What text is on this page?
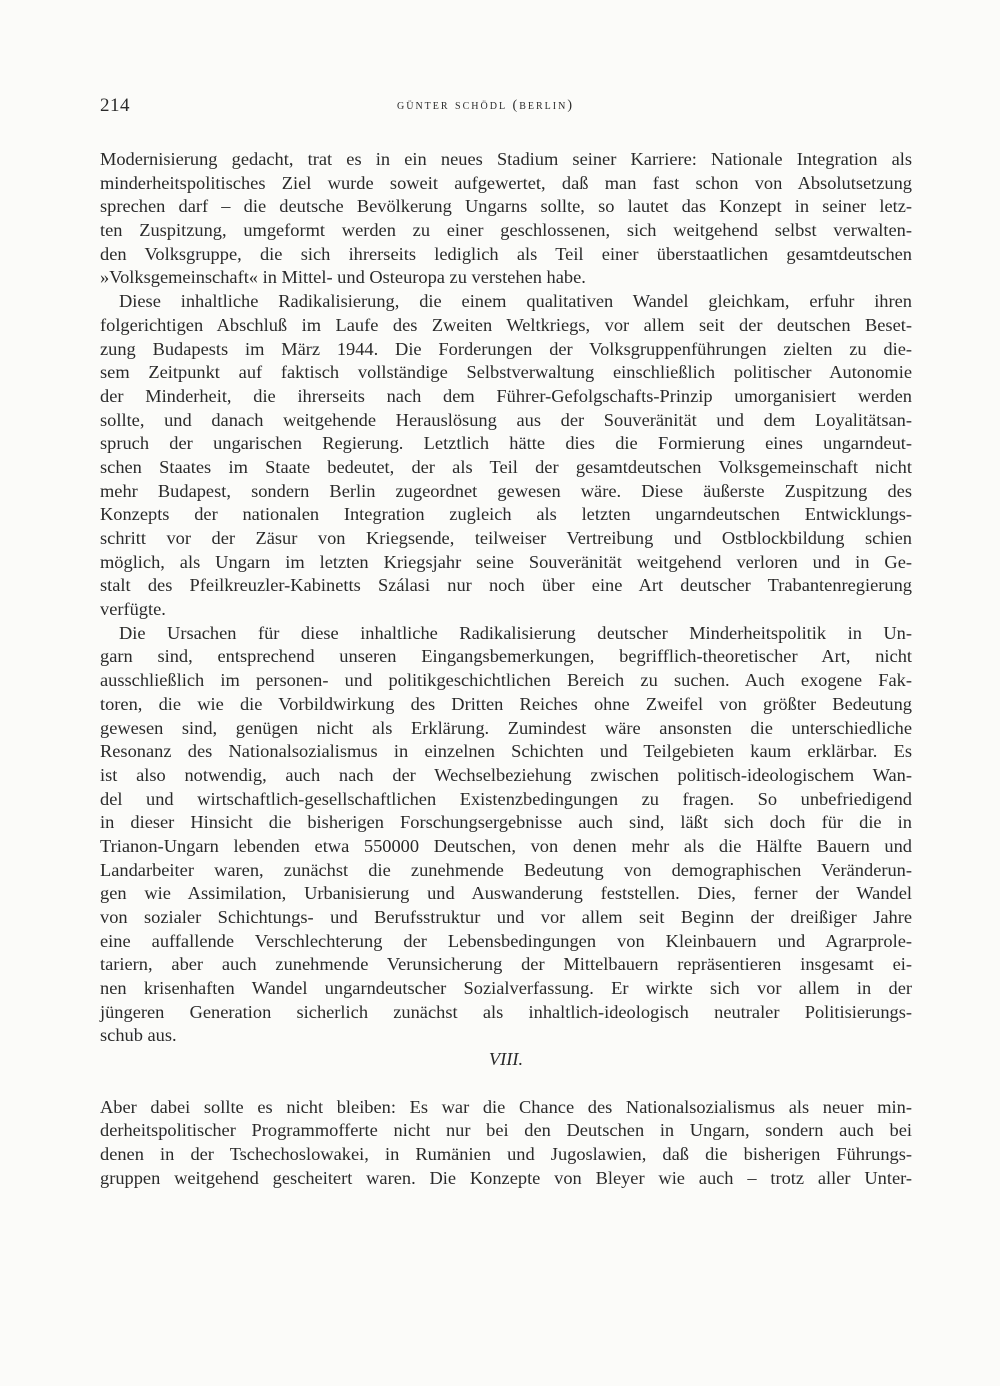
214	günter schödl (berlin)
Modernisierung gedacht, trat es in ein neues Stadium seiner Karriere: Nationale Integration als
minderheitspolitisches Ziel wurde soweit aufgewertet, daß man fast schon von Absolutsetzung
sprechen darf – die deutsche Bevölkerung Ungarns sollte, so lautet das Konzept in seiner letz-
ten Zuspitzung, umgeformt werden zu einer geschlossenen, sich weitgehend selbst verwalten-
den Volksgruppe, die sich ihrerseits lediglich als Teil einer überstaatlichen gesamtdeutschen
»Volksgemeinschaft« in Mittel- und Osteuropa zu verstehen habe.
Diese inhaltliche Radikalisierung, die einem qualitativen Wandel gleichkam, erfuhr ihren
folgerichtigen Abschluß im Laufe des Zweiten Weltkriegs, vor allem seit der deutschen Beset-
zung Budapests im März 1944. Die Forderungen der Volksgruppenführungen zielten zu die-
sem Zeitpunkt auf faktisch vollständige Selbstverwaltung einschließlich politischer Autonomie
der Minderheit, die ihrerseits nach dem Führer-Gefolgschafts-Prinzip umorganisiert werden
sollte, und danach weitgehende Herauslösung aus der Souveränität und dem Loyalitätsan-
spruch der ungarischen Regierung. Letztlich hätte dies die Formierung eines ungarndeut-
schen Staates im Staate bedeutet, der als Teil der gesamtdeutschen Volksgemeinschaft nicht
mehr Budapest, sondern Berlin zugeordnet gewesen wäre. Diese äußerste Zuspitzung des
Konzepts der nationalen Integration zugleich als letzten ungarndeutschen Entwicklungs-
schritt vor der Zäsur von Kriegsende, teilweiser Vertreibung und Ostblockbildung schien
möglich, als Ungarn im letzten Kriegsjahr seine Souveränität weitgehend verloren und in Ge-
stalt des Pfeilkreuzler-Kabinetts Szálasi nur noch über eine Art deutscher Trabantenregierung
verfügte.
Die Ursachen für diese inhaltliche Radikalisierung deutscher Minderheitspolitik in Un-
garn sind, entsprechend unseren Eingangsbemerkungen, begrifflich-theoretischer Art, nicht
ausschließlich im personen- und politikgeschichtlichen Bereich zu suchen. Auch exogene Fak-
toren, die wie die Vorbildwirkung des Dritten Reiches ohne Zweifel von größter Bedeutung
gewesen sind, genügen nicht als Erklärung. Zumindest wäre ansonsten die unterschiedliche
Resonanz des Nationalsozialismus in einzelnen Schichten und Teilgebieten kaum erklärbar. Es
ist also notwendig, auch nach der Wechselbeziehung zwischen politisch-ideologischem Wan-
del und wirtschaftlich-gesellschaftlichen Existenzbedingungen zu fragen. So unbefriedigend
in dieser Hinsicht die bisherigen Forschungsergebnisse auch sind, läßt sich doch für die in
Trianon-Ungarn lebenden etwa 550000 Deutschen, von denen mehr als die Hälfte Bauern und
Landarbeiter waren, zunächst die zunehmende Bedeutung von demographischen Veränderun-
gen wie Assimilation, Urbanisierung und Auswanderung feststellen. Dies, ferner der Wandel
von sozialer Schichtungs- und Berufsstruktur und vor allem seit Beginn der dreißiger Jahre
eine auffallende Verschlechterung der Lebensbedingungen von Kleinbauern und Agrarprole-
tariern, aber auch zunehmende Verunsicherung der Mittelbauern repräsentieren insgesamt ei-
nen krisenhaften Wandel ungarndeutscher Sozialverfassung. Er wirkte sich vor allem in der
jüngeren Generation sicherlich zunächst als inhaltlich-ideologisch neutraler Politisierungs-
schub aus.
VIII.
Aber dabei sollte es nicht bleiben: Es war die Chance des Nationalsozialismus als neuer min-
derheitspolitischer Programmofferte nicht nur bei den Deutschen in Ungarn, sondern auch bei
denen in der Tschechoslowakei, in Rumänien und Jugoslawien, daß die bisherigen Führungs-
gruppen weitgehend gescheitert waren. Die Konzepte von Bleyer wie auch – trotz aller Unter-
